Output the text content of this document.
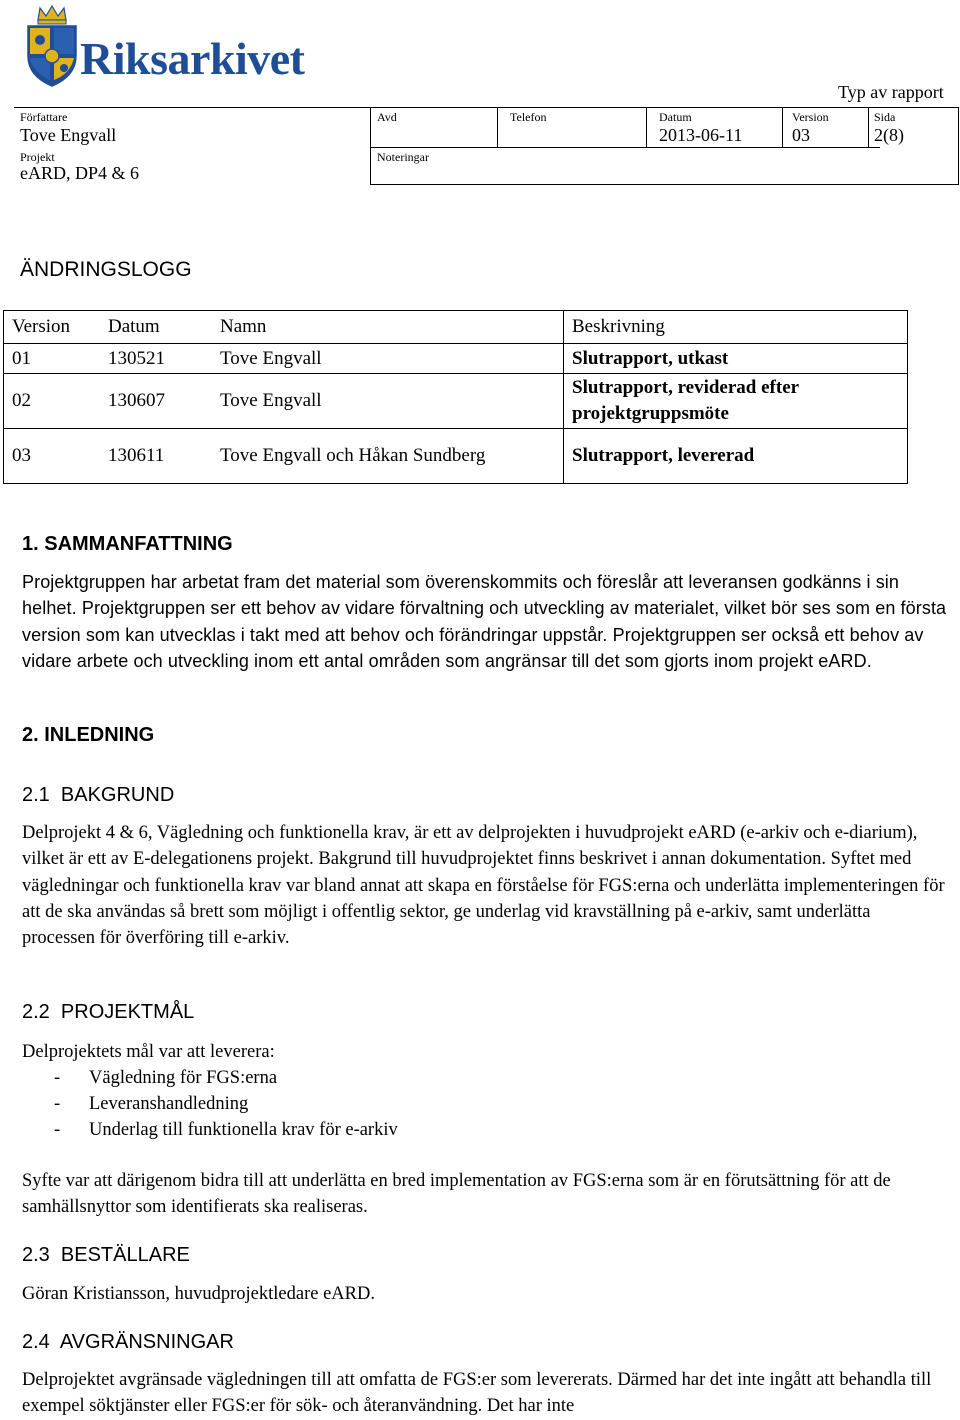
Riksarkivet
Typ av rapport
Författare
Tove Engvall
Projekt
eARD, DP4 & 6
Avd	Telefon
Noteringar
Datum
2013-06-11
Version
03
Sida
2(8)
ÄNDRINGSLOGG
Version	Datum	Namn	Beskrivning
01	130521	Tove Engvall	Slutrapport, utkast
02	130607	Tove Engvall	Slutrapport, reviderad efter projektgruppsmöte
03	130611	Tove Engvall och Håkan Sundberg	Slutrapport, levererad
1. SAMMANFATTNING
Projektgruppen har arbetat fram det material som överenskommits och föreslår att leveransen godkänns i sin helhet. Projektgruppen ser ett behov av vidare förvaltning och utveckling av materialet, vilket bör ses som en första version som kan utvecklas i takt med att behov och förändringar uppstår. Projektgruppen ser också ett behov av vidare arbete och utveckling inom ett antal områden som angränsar till det som gjorts inom projekt eARD.
2. INLEDNING
2.1  BAKGRUND
Delprojekt 4 & 6, Vägledning och funktionella krav, är ett av delprojekten i huvudprojekt eARD (e-arkiv och e-diarium), vilket är ett av E-delegationens projekt. Bakgrund till huvudprojektet finns beskrivet i annan dokumentation. Syftet med vägledningar och funktionella krav var bland annat att skapa en förståelse för FGS:erna och underlätta implementeringen för att de ska användas så brett som möjligt i offentlig sektor, ge underlag vid kravställning på e-arkiv, samt underlätta processen för överföring till e-arkiv.
2.2  PROJEKTMÅL
Delprojektets mål var att leverera:
-	Vägledning för FGS:erna
-	Leveranshandledning
-	Underlag till funktionella krav för e-arkiv
Syfte var att därigenom bidra till att underlätta en bred implementation av FGS:erna som är en förutsättning för att de samhällsnyttor som identifierats ska realiseras.
2.3  BESTÄLLARE
Göran Kristiansson, huvudprojektledare eARD.
2.4  AVGRÄNSNINGAR
Delprojektet avgränsade vägledningen till att omfatta de FGS:er som levererats. Därmed har det inte ingått att behandla till exempel söktjänster eller FGS:er för sök- och återanvändning. Det har inte
